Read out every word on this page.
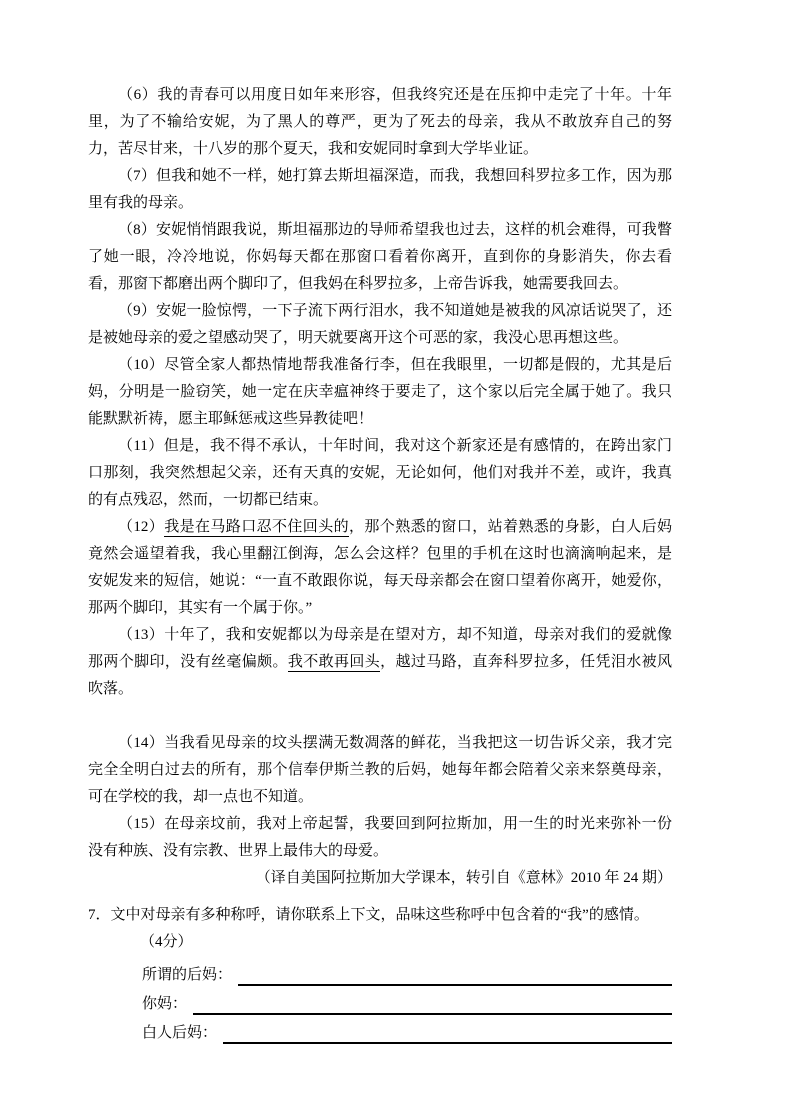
（6）我的青春可以用度日如年来形容，但我终究还是在压抑中走完了十年。十年里，为了不输给安妮，为了黑人的尊严，更为了死去的母亲，我从不敢放弃自己的努力，苦尽甘来，十八岁的那个夏天，我和安妮同时拿到大学毕业证。

（7）但我和她不一样，她打算去斯坦福深造，而我，我想回科罗拉多工作，因为那里有我的母亲。

（8）安妮悄悄跟我说，斯坦福那边的导师希望我也过去，这样的机会难得，可我瞥了她一眼，冷冷地说，你妈每天都在那窗口看着你离开，直到你的身影消失，你去看看，那窗下都磨出两个脚印了，但我妈在科罗拉多，上帝告诉我，她需要我回去。

（9）安妮一脸惊愕，一下子流下两行泪水，我不知道她是被我的风凉话说哭了，还是被她母亲的爱之望感动哭了，明天就要离开这个可恶的家，我没心思再想这些。

（10）尽管全家人都热情地帮我准备行李，但在我眼里，一切都是假的，尤其是后妈，分明是一脸窃笑，她一定在庆幸瘟神终于要走了，这个家以后完全属于她了。我只能默默祈祷，愿主耶稣惩戒这些异教徒吧！

（11）但是，我不得不承认，十年时间，我对这个新家还是有感情的，在跨出家门口那刻，我突然想起父亲，还有天真的安妮，无论如何，他们对我并不差，或许，我真的有点残忍，然而，一切都已结束。

（12）我是在马路口忍不住回头的，那个熟悉的窗口，站着熟悉的身影，白人后妈竟然会遥望着我，我心里翻江倒海，怎么会这样？包里的手机在这时也滴滴响起来，是安妮发来的短信，她说：“一直不敢跟你说，每天母亲都会在窗口望着你离开，她爱你，那两个脚印，其实有一个属于你。”

（13）十年了，我和安妮都以为母亲是在望对方，却不知道，母亲对我们的爱就像那两个脚印，没有丝毫偏颇。我不敢再回头，越过马路，直奔科罗拉多，任凭泪水被风吹落。

（14）当我看见母亲的坟头摆满无数凋落的鲜花，当我把这一切告诉父亲，我才完完全全明白过去的所有，那个信奉伊斯兰教的后妈，她每年都会陪着父亲来祭奠母亲，可在学校的我，却一点也不知道。

（15）在母亲坟前，我对上帝起誓，我要回到阿拉斯加，用一生的时光来弥补一份没有种族、没有宗教、世界上最伟大的母爱。

（译自美国阿拉斯加大学课本，转引自《意林》2010 年 24 期）

7．文中对母亲有多种称呼，请你联系上下文，品味这些称呼中包含着的“我”的感情。

（4分）

所谓的后妈：
你妈：
白人后妈：
